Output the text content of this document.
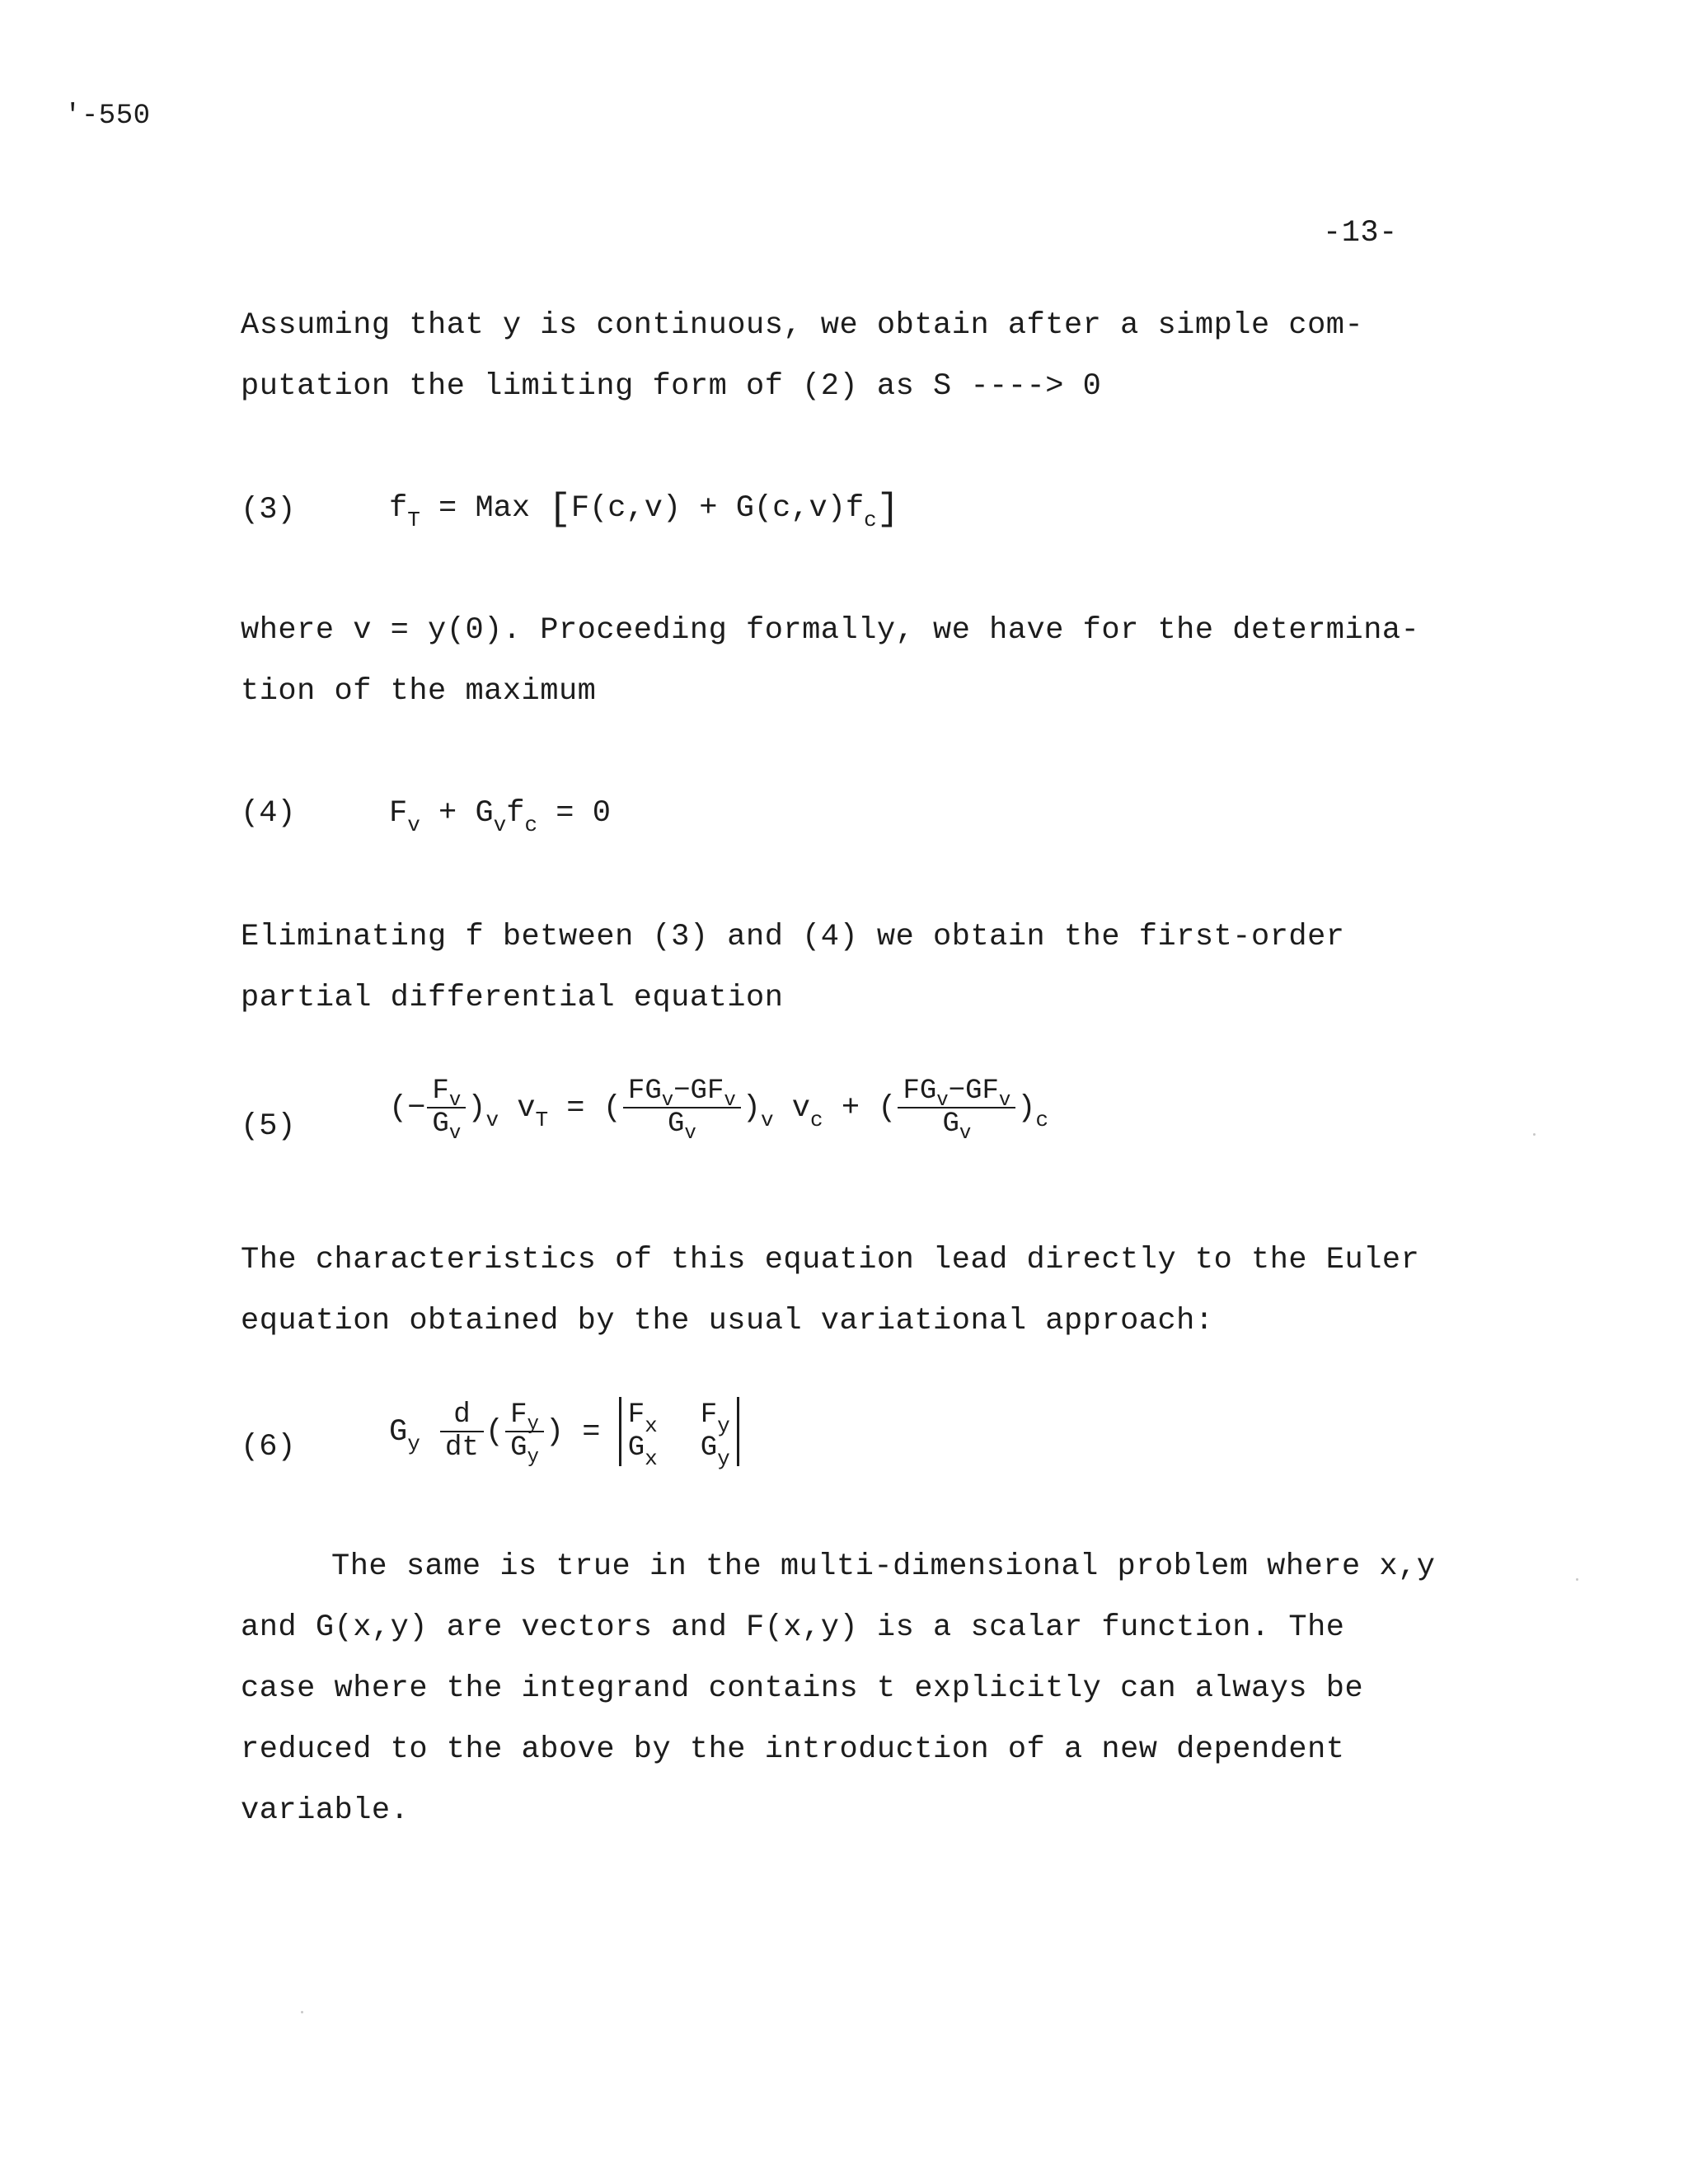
'-550
-13-
Assuming that y is continuous, we obtain after a simple com-
putation the limiting form of (2) as S ----> 0
(3)	$f_T$ = Max $[F(c,v) + G(c,v)f_c]$
where v = y(0). Proceeding formally, we have for the determina-
tion of the maximum
(4)	$F_v + G_vf_c = 0$
Eliminating f between (3) and (4) we obtain the first-order
partial differential equation
(5)
(− $\frac{F_v}{G_v} )_v$ $v_T$ = ( $\frac{FG_v-GF_v}{G_v} )_v$ $v_c$ + ( $\frac{FG_v-GF_v}{G_v} )_c$
The characteristics of this equation lead directly to the Euler
equation obtained by the usual variational approach:
(6)	$G_y \frac{d}{dt}$ ( $\frac{F_y}{G_y}$ ) = $F_x$ $F_y$
$G_x$ $G_y$
The same is true in the multi-dimensional problem where x,y
and G(x,y) are vectors and F(x,y) is a scalar function. The
case where the integrand contains t explicitly can always be
reduced to the above by the introduction of a new dependent
variable.
